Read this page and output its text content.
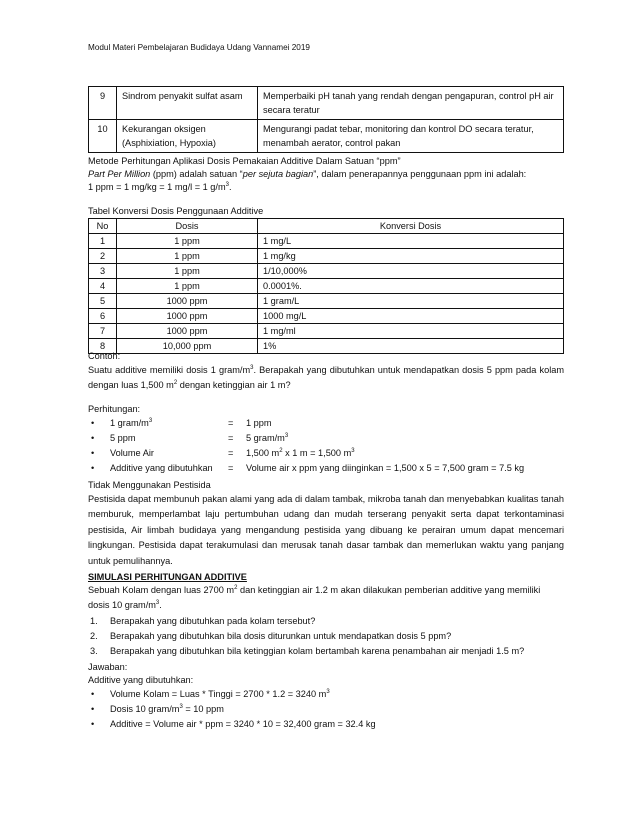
Modul Materi Pembelajaran Budidaya Udang Vannamei 2019
9	Sindrom penyakit sulfat asam	Memperbaiki pH tanah yang rendah dengan pengapuran, control pH air secara teratur
10	Kekurangan oksigen (Asphixiation, Hypoxia)	Mengurangi padat tebar, monitoring dan kontrol DO secara teratur, menambah aerator, control pakan
Metode Perhitungan Aplikasi Dosis Pemakaian Additive Dalam Satuan “ppm”
Part Per Million (ppm) adalah satuan “per sejuta bagian”, dalam penerapannya penggunaan ppm ini adalah:
1 ppm = 1 mg/kg = 1 mg/l = 1 $g/m^3$.
Tabel Konversi Dosis Penggunaan Additive
No	Dosis	Konversi Dosis
1	1 ppm	1 mg/L
2	1 ppm	1 mg/kg
3	1 ppm	1/10,000%
4	1 ppm	0.0001%.
5	1000 ppm	1 gram/L
6	1000 ppm	1000 mg/L
7	1000 ppm	1 mg/ml
8	10,000 ppm	1%
Contoh:
Suatu additive memiliki dosis 1 gram/$m^3$. Berapakah yang dibutuhkan untuk mendapatkan dosis 5 ppm pada kolam dengan luas 1,500 $m^2$ dengan ketinggian air 1 m?
Perhitungan:
• 1 gram/$m^3$	= 1 ppm
• 5 ppm	= 5 gram/$m^3$
• Volume Air	= 1,500 $m^2$ x 1 m = 1,500 $m^3$
• Additive yang dibutuhkan = Volume air x ppm yang diinginkan = 1,500 x 5 = 7,500 gram = 7.5 kg
Tidak Menggunakan Pestisida
Pestisida dapat membunuh pakan alami yang ada di dalam tambak, mikroba tanah dan menyebabkan kualitas tanah memburuk, memperlambat laju pertumbuhan udang dan mudah terserang penyakit serta dapat terkontaminasi pestisida, Air limbah budidaya yang mengandung pestisida yang dibuang ke perairan umum dapat mencemari lingkungan. Pestisida dapat terakumulasi dan merusak tanah dasar tambak dan memerlukan waktu yang panjang untuk pemulihannya.
SIMULASI PERHITUNGAN ADDITIVE
Sebuah Kolam dengan luas 2700 $m^2$ dan ketinggian air 1.2 m akan dilakukan pemberian additive yang memiliki dosis 10 gram/$m^3$.
1. Berapakah yang dibutuhkan pada kolam tersebut?
2. Berapakah yang dibutuhkan bila dosis diturunkan untuk mendapatkan dosis 5 ppm?
3. Berapakah yang dibutuhkan bila ketinggian kolam bertambah karena penambahan air menjadi 1.5 m?
Jawaban:
Additive yang dibutuhkan:
• Volume Kolam = Luas * Tinggi = 2700 * 1.2 = 3240 $m^3$
• Dosis 10 gram/$m^3 = 10$ ppm
• Additive = Volume air * ppm = 3240 * 10 = 32,400 gram = 32.4 kg
